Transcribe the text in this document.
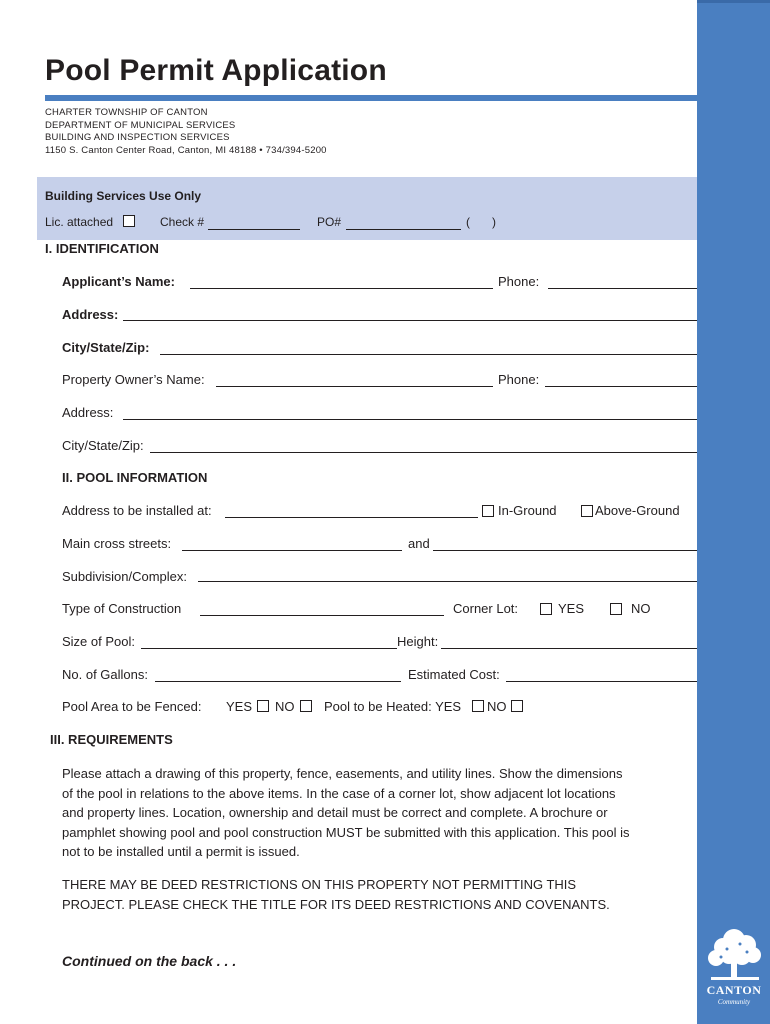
Pool Permit Application
CHARTER TOWNSHIP OF CANTON
DEPARTMENT OF MUNICIPAL SERVICES
BUILDING AND INSPECTION SERVICES
1150 S. Canton Center Road, Canton, MI 48188 • 734/394-5200
Building Services Use Only
Lic. attached	Check #	PO#	( )
I. IDENTIFICATION
Applicant’s Name:	Phone:
Address:
City/State/Zip:
Property Owner’s Name:	Phone:
Address:
City/State/Zip:
II. POOL INFORMATION
Address to be installed at:	In-Ground	Above-Ground
Main cross streets:	and
Subdivision/Complex:
Type of Construction	Corner Lot:	YES	NO
Size of Pool:	Height:
No. of Gallons:	Estimated Cost:
Pool Area to be Fenced: YES NO Pool to be Heated: YES NO
III. REQUIREMENTS
Please attach a drawing of this property, fence, easements, and utility lines. Show the dimensions
of the pool in relations to the above items. In the case of a corner lot, show adjacent lot locations
and property lines. Location, ownership and detail must be correct and complete. A brochure or
pamphlet showing pool and pool construction MUST be submitted with this application. This pool is
not to be installed until a permit is issued.
THERE MAY BE DEED RESTRICTIONS ON THIS PROPERTY NOT PERMITTING THIS
PROJECT. PLEASE CHECK THE TITLE FOR ITS DEED RESTRICTIONS AND COVENANTS.
Continued on the back . . .
CANTON
Community
